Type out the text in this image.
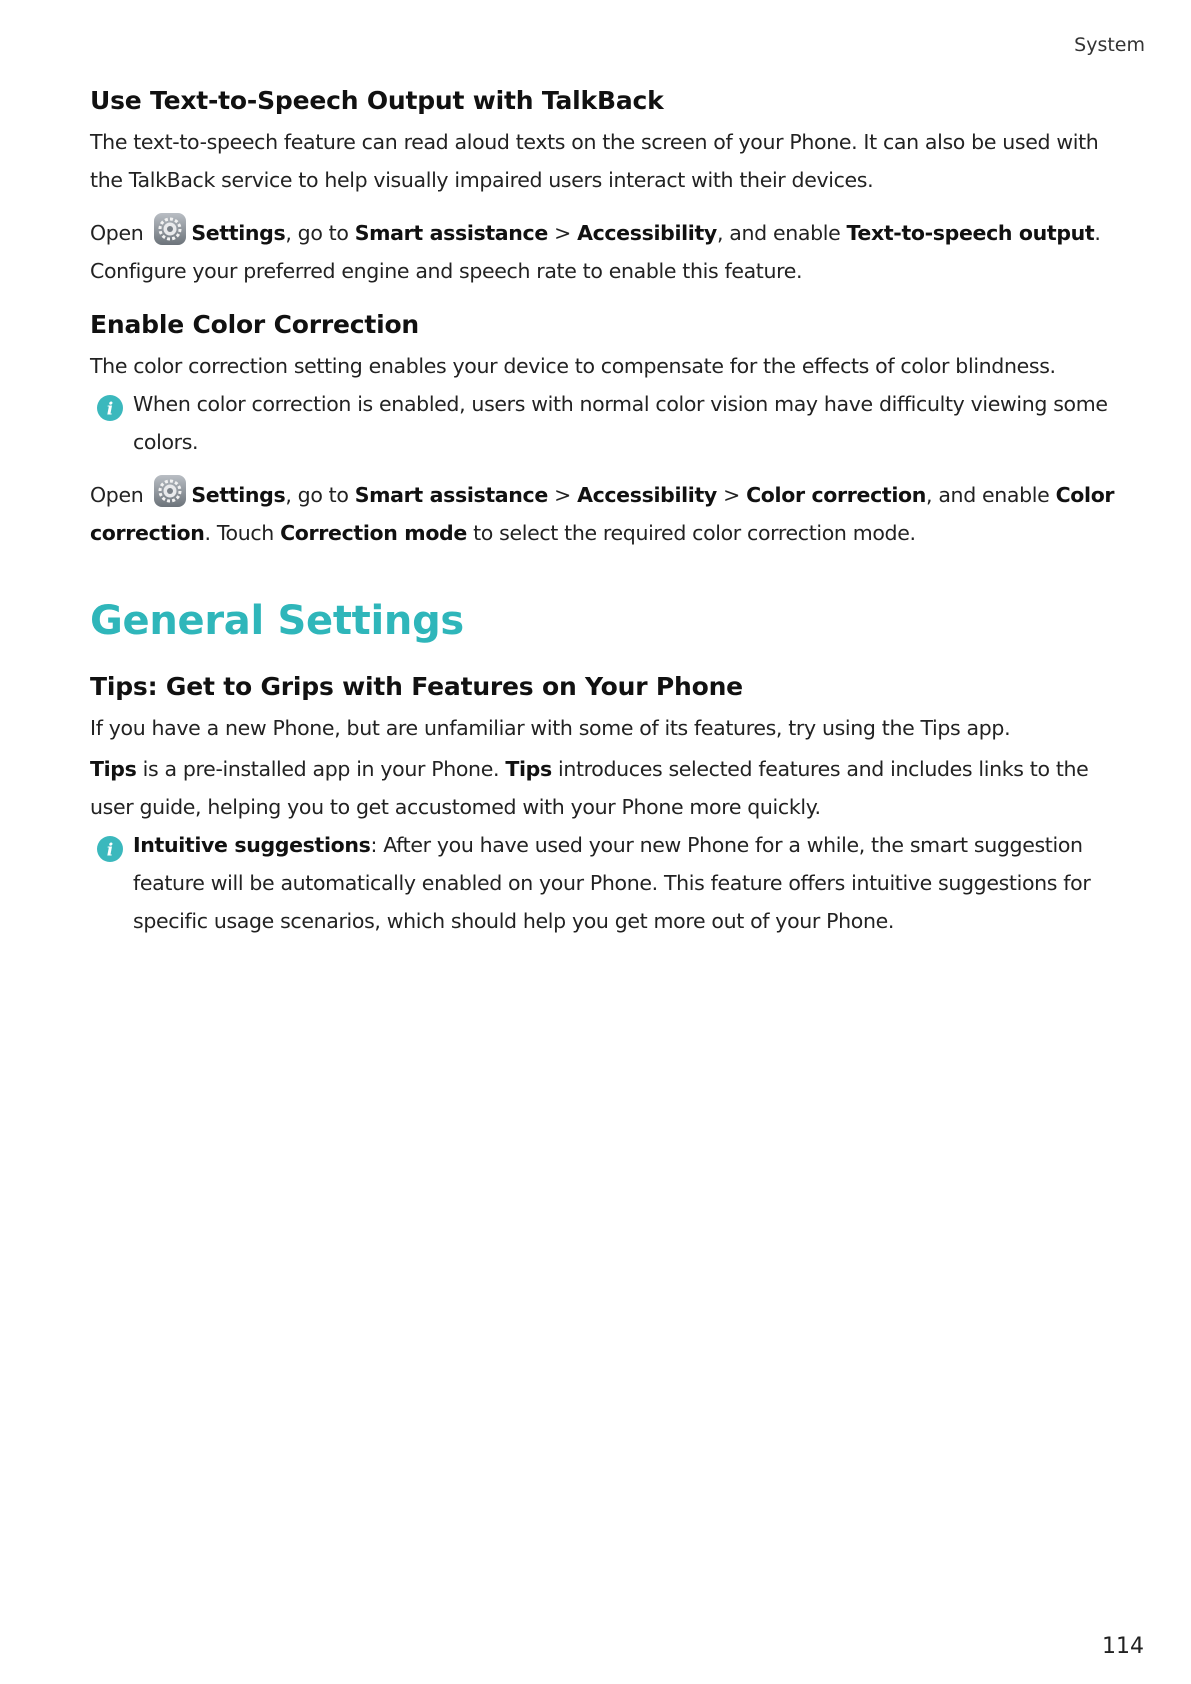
System
Use Text-to-Speech Output with TalkBack

The text-to-speech feature can read aloud texts on the screen of your Phone. It can also be used with the TalkBack service to help visually impaired users interact with their devices.

Open Settings, go to Smart assistance > Accessibility, and enable Text-to-speech output.
Configure your preferred engine and speech rate to enable this feature.

Enable Color Correction

The color correction setting enables your device to compensate for the effects of color blindness.

i When color correction is enabled, users with normal color vision may have difficulty viewing some colors.

Open Settings, go to Smart assistance > Accessibility > Color correction, and enable Color correction. Touch Correction mode to select the required color correction mode.

General Settings
Tips: Get to Grips with Features on Your Phone

If you have a new Phone, but are unfamiliar with some of its features, try using the Tips app.

Tips is a pre-installed app in your Phone. Tips introduces selected features and includes links to the user guide, helping you to get accustomed with your Phone more quickly.

i Intuitive suggestions: After you have used your new Phone for a while, the smart suggestion feature will be automatically enabled on your Phone. This feature offers intuitive suggestions for specific usage scenarios, which should help you get more out of your Phone.

114
